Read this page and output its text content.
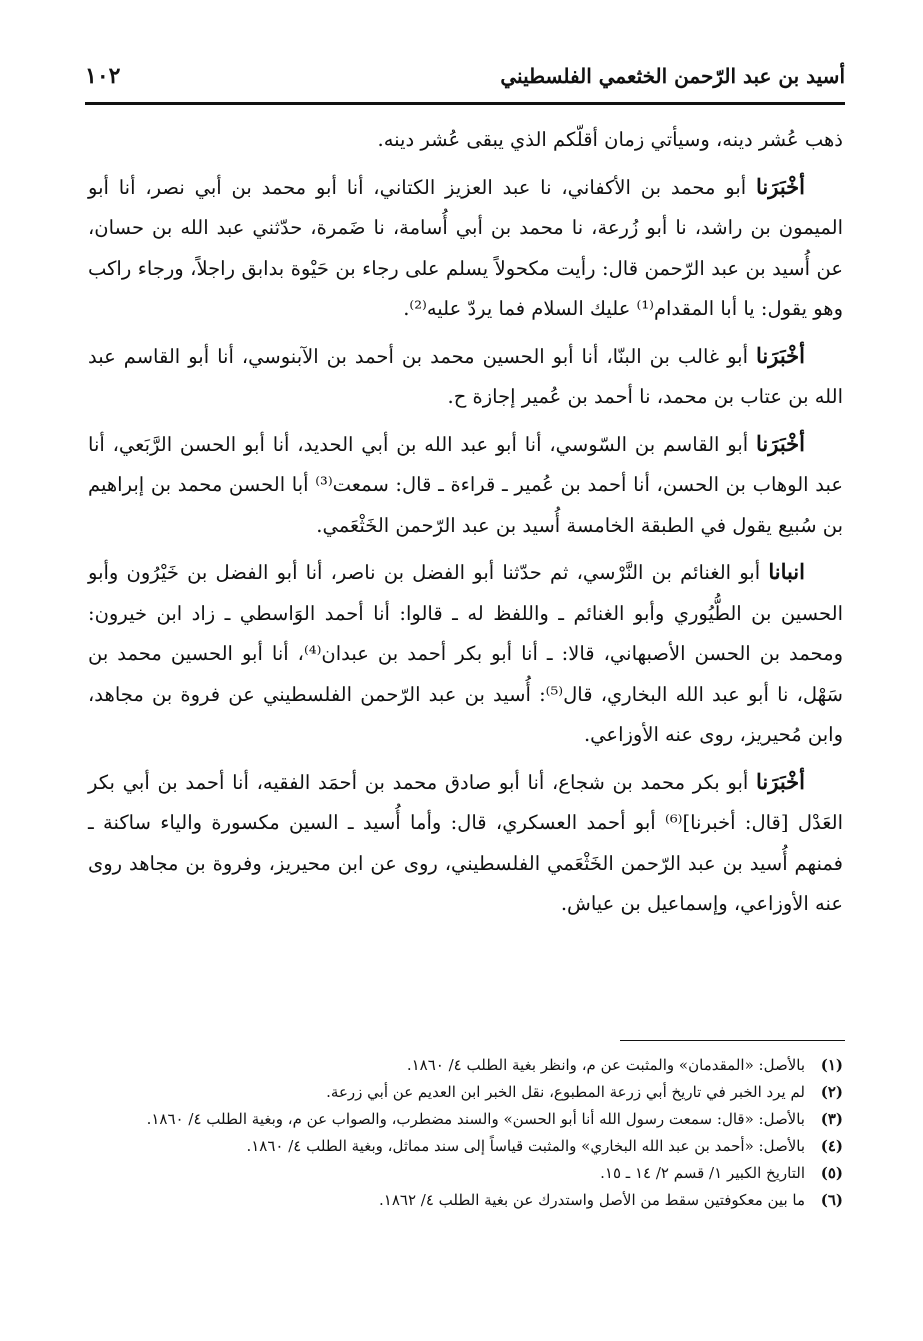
أسيد بن عبد الرّحمن الخثعمي الفلسطيني
١٠٢

ذهب عُشر دينه، وسيأتي زمان أقلّكم الذي يبقى عُشر دينه.

أخْبَرَنا أبو محمد بن الأكفاني، نا عبد العزيز الكتاني، أنا أبو محمد بن أبي نصر، أنا أبو الميمون بن راشد، نا أبو زُرعة، نا محمد بن أبي أُسامة، نا ضَمرة، حدّثني عبد الله بن حسان، عن أُسيد بن عبد الرّحمن قال: رأيت مكحولاً يسلم على رجاء بن حَيْوة بدابق راجلاً، ورجاء راكب وهو يقول: يا أبا المقدام⁽¹⁾ عليك السلام فما يردّ عليه⁽²⁾.

أخْبَرَنا أبو غالب بن البنّا، أنا أبو الحسين محمد بن أحمد بن الآبنوسي، أنا أبو القاسم عبد الله بن عتاب بن محمد، نا أحمد بن عُمير إجازة ح.

أخْبَرَنا أبو القاسم بن السّوسي، أنا أبو عبد الله بن أبي الحديد، أنا أبو الحسن الرَّبَعي، أنا عبد الوهاب بن الحسن، أنا أحمد بن عُمير ـ قراءة ـ قال: سمعت⁽³⁾ أبا الحسن محمد بن إبراهيم بن سُبيع يقول في الطبقة الخامسة أُسيد بن عبد الرّحمن الخَثْعَمي.

انبانا أبو الغنائم بن النَّرْسي، ثم حدّثنا أبو الفضل بن ناصر، أنا أبو الفضل بن خَيْرُون وأبو الحسين بن الطُّيُوري وأبو الغنائم ـ واللفظ له ـ قالوا: أنا أحمد الوَاسطي ـ زاد ابن خيرون: ومحمد بن الحسن الأصبهاني، قالا: ـ أنا أبو بكر أحمد بن عبدان⁽⁴⁾، أنا أبو الحسين محمد بن سَهْل، نا أبو عبد الله البخاري، قال⁽⁵⁾: أُسيد بن عبد الرّحمن الفلسطيني عن فروة بن مجاهد، وابن مُحيريز، روى عنه الأوزاعي.

أخْبَرَنا أبو بكر محمد بن شجاع، أنا أبو صادق محمد بن أحمَد الفقيه، أنا أحمد بن أبي بكر العَدْل [قال: أخبرنا]⁽⁶⁾ أبو أحمد العسكري، قال: وأما أُسيد ـ السين مكسورة والياء ساكنة ـ فمنهم أُسيد بن عبد الرّحمن الخَثْعَمي الفلسطيني، روى عن ابن محيريز، وفروة بن مجاهد روى عنه الأوزاعي، وإسماعيل بن عياش.

(١)
بالأصل: «المقدمان» والمثبت عن م، وانظر بغية الطلب ٤/ ١٨٦٠.
(٢)
لم يرد الخبر في تاريخ أبي زرعة المطبوع، نقل الخبر ابن العديم عن أبي زرعة.
(٣)
بالأصل: «قال: سمعت رسول الله أنا أبو الحسن» والسند مضطرب، والصواب عن م، وبغية الطلب ٤/ ١٨٦٠.
(٤)
بالأصل: «أحمد بن عبد الله البخاري» والمثبت قياساً إلى سند مماثل، وبغية الطلب ٤/ ١٨٦٠.
(٥)
التاريخ الكبير ١/ قسم ٢/ ١٤ ـ ١٥.
(٦)
ما بين معكوفتين سقط من الأصل واستدرك عن بغية الطلب ٤/ ١٨٦٢.
